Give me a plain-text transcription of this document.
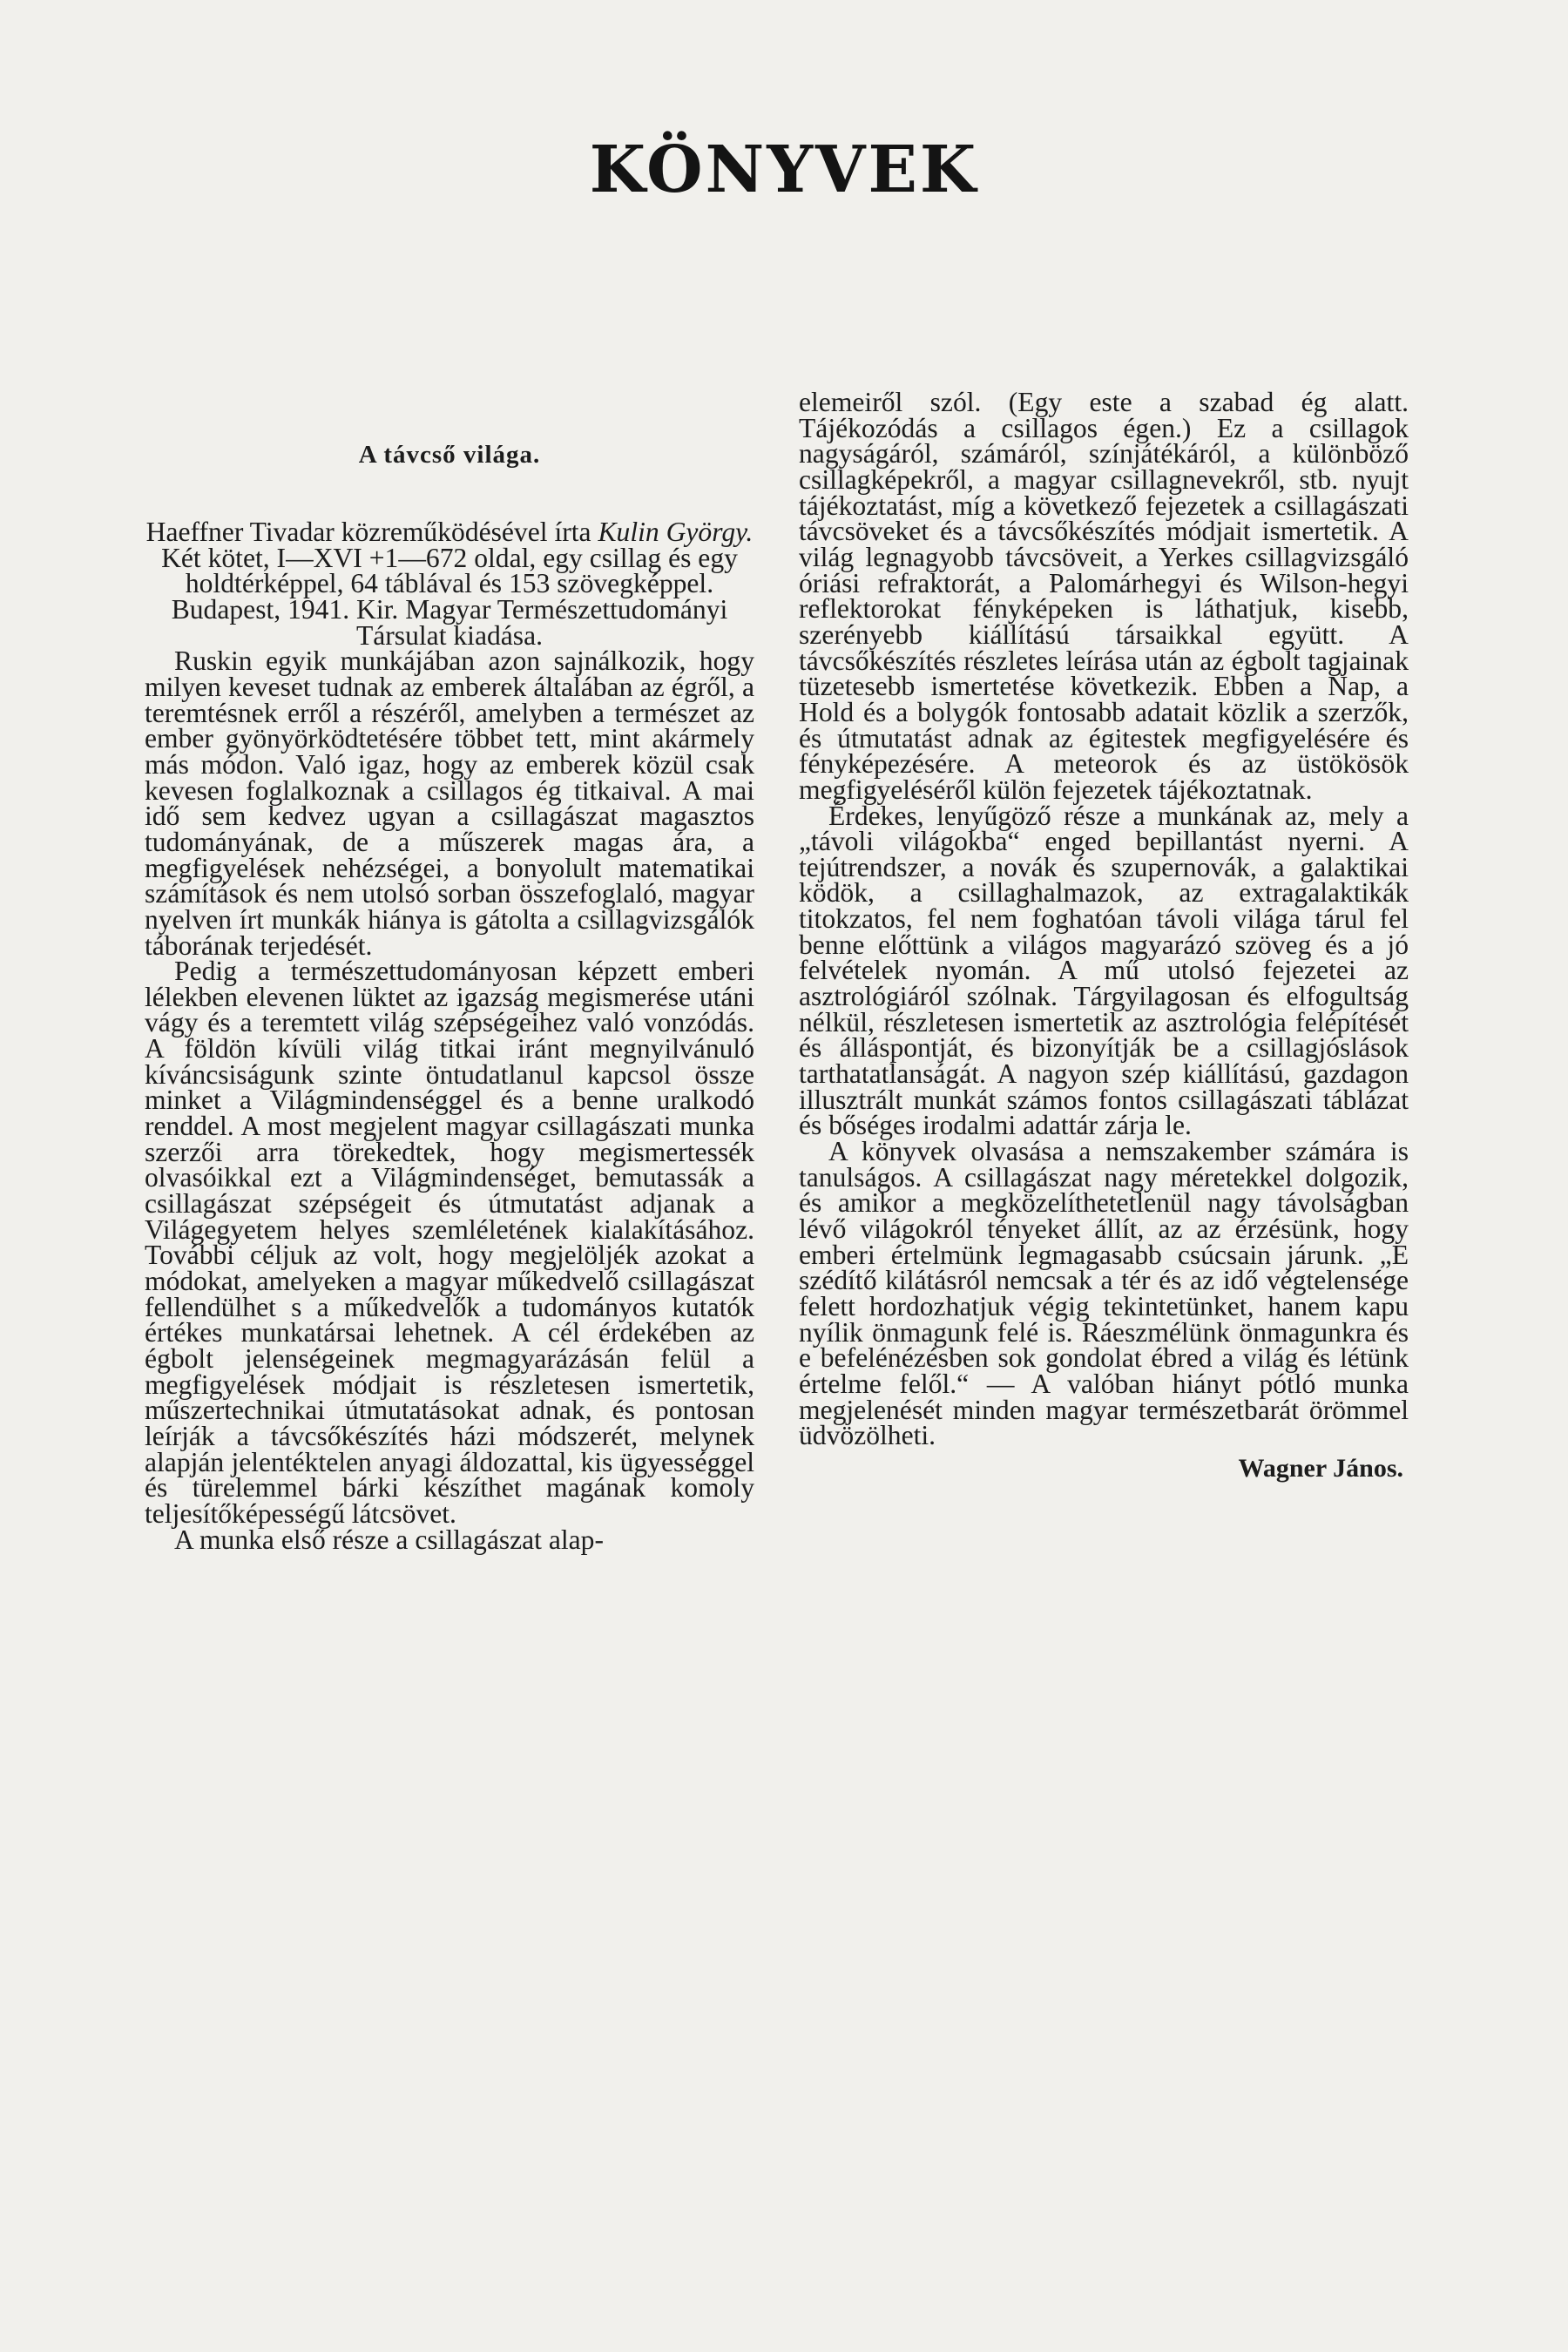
KÖNYVEK
A távcső világa.

Haeffner Tivadar közreműködésével írta Kulin György. Két kötet, I—XVI +1—672 oldal, egy csillag és egy holdtérképpel, 64 táblával és 153 szövegképpel. Budapest, 1941. Kir. Magyar Természettudományi Társulat kiadása.

Ruskin egyik munkájában azon sajnálkozik, hogy milyen keveset tudnak az emberek általában az égről, a teremtésnek erről a részéről, amelyben a természet az ember gyönyörködtetésére többet tett, mint akármely más módon. Való igaz, hogy az emberek közül csak kevesen foglalkoznak a csillagos ég titkaival. A mai idő sem kedvez ugyan a csillagászat magasztos tudományának, de a műszerek magas ára, a megfigyelések nehézségei, a bonyolult matematikai számítások és nem utolsó sorban összefoglaló, magyar nyelven írt munkák hiánya is gátolta a csillagvizsgálók táborának terjedését.

Pedig a természettudományosan képzett emberi lélekben elevenen lüktet az igazság megismerése utáni vágy és a teremtett világ szépségeihez való vonzódás. A földön kívüli világ titkai iránt megnyilvánuló kíváncsiságunk szinte öntudatlanul kapcsol össze minket a Világmindenséggel és a benne uralkodó renddel. A most megjelent magyar csillagászati munka szerzői arra törekedtek, hogy megismertessék olvasóikkal ezt a Világmindenséget, bemutassák a csillagászat szépségeit és útmutatást adjanak a Világegyetem helyes szemléletének kialakításához. További céljuk az volt, hogy megjelöljék azokat a módokat, amelyeken a magyar műkedvelő csillagászat fellendülhet s a műkedvelők a tudományos kutatók értékes munkatársai lehetnek. A cél érdekében az égbolt jelenségeinek megmagyarázásán felül a megfigyelések módjait is részletesen ismertetik, műszertechnikai útmutatásokat adnak, és pontosan leírják a távcsőkészítés házi módszerét, melynek alapján jelentéktelen anyagi áldozattal, kis ügyességgel és türelemmel bárki készíthet magának komoly teljesítőképességű látcsövet.

A munka első része a csillagászat alap-

elemeiről szól. (Egy este a szabad ég alatt. Tájékozódás a csillagos égen.) Ez a csillagok nagyságáról, számáról, színjátékáról, a különböző csillagképekről, a magyar csillagnevekről, stb. nyujt tájékoztatást, míg a következő fejezetek a csillagászati távcsöveket és a távcsőkészítés módjait ismertetik. A világ legnagyobb távcsöveit, a Yerkes csillagvizsgáló óriási refraktorát, a Palomárhegyi és Wilson-hegyi reflektorokat fényképeken is láthatjuk, kisebb, szerényebb kiállítású társaikkal együtt. A távcsőkészítés részletes leírása után az égbolt tagjainak tüzetesebb ismertetése következik. Ebben a Nap, a Hold és a bolygók fontosabb adatait közlik a szerzők, és útmutatást adnak az égitestek megfigyelésére és fényképezésére. A meteorok és az üstökösök megfigyeléséről külön fejezetek tájékoztatnak.

Érdekes, lenyűgöző része a munkának az, mely a „távoli világokba“ enged bepillantást nyerni. A tejútrendszer, a novák és szupernovák, a galaktikai ködök, a csillaghalmazok, az extragalaktikák titokzatos, fel nem foghatóan távoli világa tárul fel benne előttünk a világos magyarázó szöveg és a jó felvételek nyomán. A mű utolsó fejezetei az asztrológiáról szólnak. Tárgyilagosan és elfogultság nélkül, részletesen ismertetik az asztrológia felépítését és álláspontját, és bizonyítják be a csillagjóslások tarthatatlanságát. A nagyon szép kiállítású, gazdagon illusztrált munkát számos fontos csillagászati táblázat és bőséges irodalmi adattár zárja le.

A könyvek olvasása a nemszakember számára is tanulságos. A csillagászat nagy méretekkel dolgozik, és amikor a megközelíthetetlenül nagy távolságban lévő világokról tényeket állít, az az érzésünk, hogy emberi értelmünk legmagasabb csúcsain járunk. „E szédítő kilátásról nemcsak a tér és az idő végtelensége felett hordozhatjuk végig tekintetünket, hanem kapu nyílik önmagunk felé is. Ráeszmélünk önmagunkra és e befelénézésben sok gondolat ébred a világ és létünk értelme felől.“ — A valóban hiányt pótló munka megjelenését minden magyar természetbarát örömmel üdvözölheti.

Wagner János.
